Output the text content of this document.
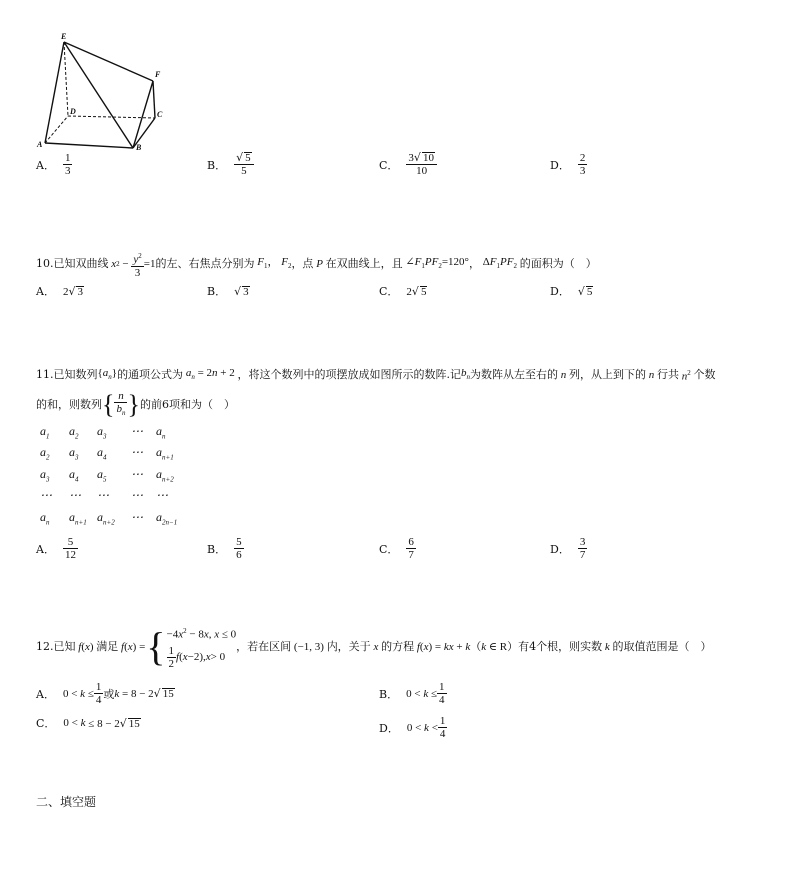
E
F
D	C
A	B
A． $\frac{1}{3}$	B． $\frac{√ 5}{5}$	C． $\frac{3√ 10}{10}$	D． $\frac{2}{3}$
10. 已知双曲线 x 2
−
$\frac{y^2}{3} =1$ 的左、右焦点分别为 $F_1$， $F_2$ ，点 P 在双曲线上，且 $\angle F_1PF_2=120^\circ$ ， $\Delta F_1PF_2$ 的面积为（　）
A． 2√ 3	B． √ 3	C． 2√ 5	D． √ 5
11. 已知数列 $\{a_n\}$ 的通项公式为 $a_n = 2n + 2$ ，将这个数列中的项摆放成如图所示的数阵.记 $b_n$ 为数阵从左至右的 n 列，从上到下的 n 行共 $n^2$ 个数
的和，则数列 { $\frac{n}{b_n}$ } 的前6项和为（　）
$a_1$ $a_2$ $a_3$ ⋯ $a_n$
$a_2$ $a_3$ $a_4$ ⋯ $a_{n+1}$
$a_3$ $a_4$ $a_5$ ⋯ $a_{n+2}$
⋯ ⋯ ⋯ ⋯ ⋯
$a_n$ $a_{n+1}$ $a_{n+2}$ ⋯ $a_{2n-1}$
A． $\frac{5}{12}$	B． $\frac{5}{6}$	C． $\frac{6}{7}$	D． $\frac{3}{7}$
12. 已知 f(x) 满足 f ( x ) = { $-4x^2 - 8x$, x ≤ 0
$\frac{1}{2}$ f ( x −2), x > 0
，若在区间 (−1, 3) 内，关于 x 的方程 f(x) = kx + k（k ∈ R） 有4个根，则实数 k 的取值范围是（　）
A． $0 < k \le \frac{1}{4}$ 或 k = 8 − 2√ 15	B． $0 < k \le \frac{1}{4}$
C． 0 < k ≤ 8 − 2√ 15	D． $0 < k < \frac{1}{4}$
二、填空题
